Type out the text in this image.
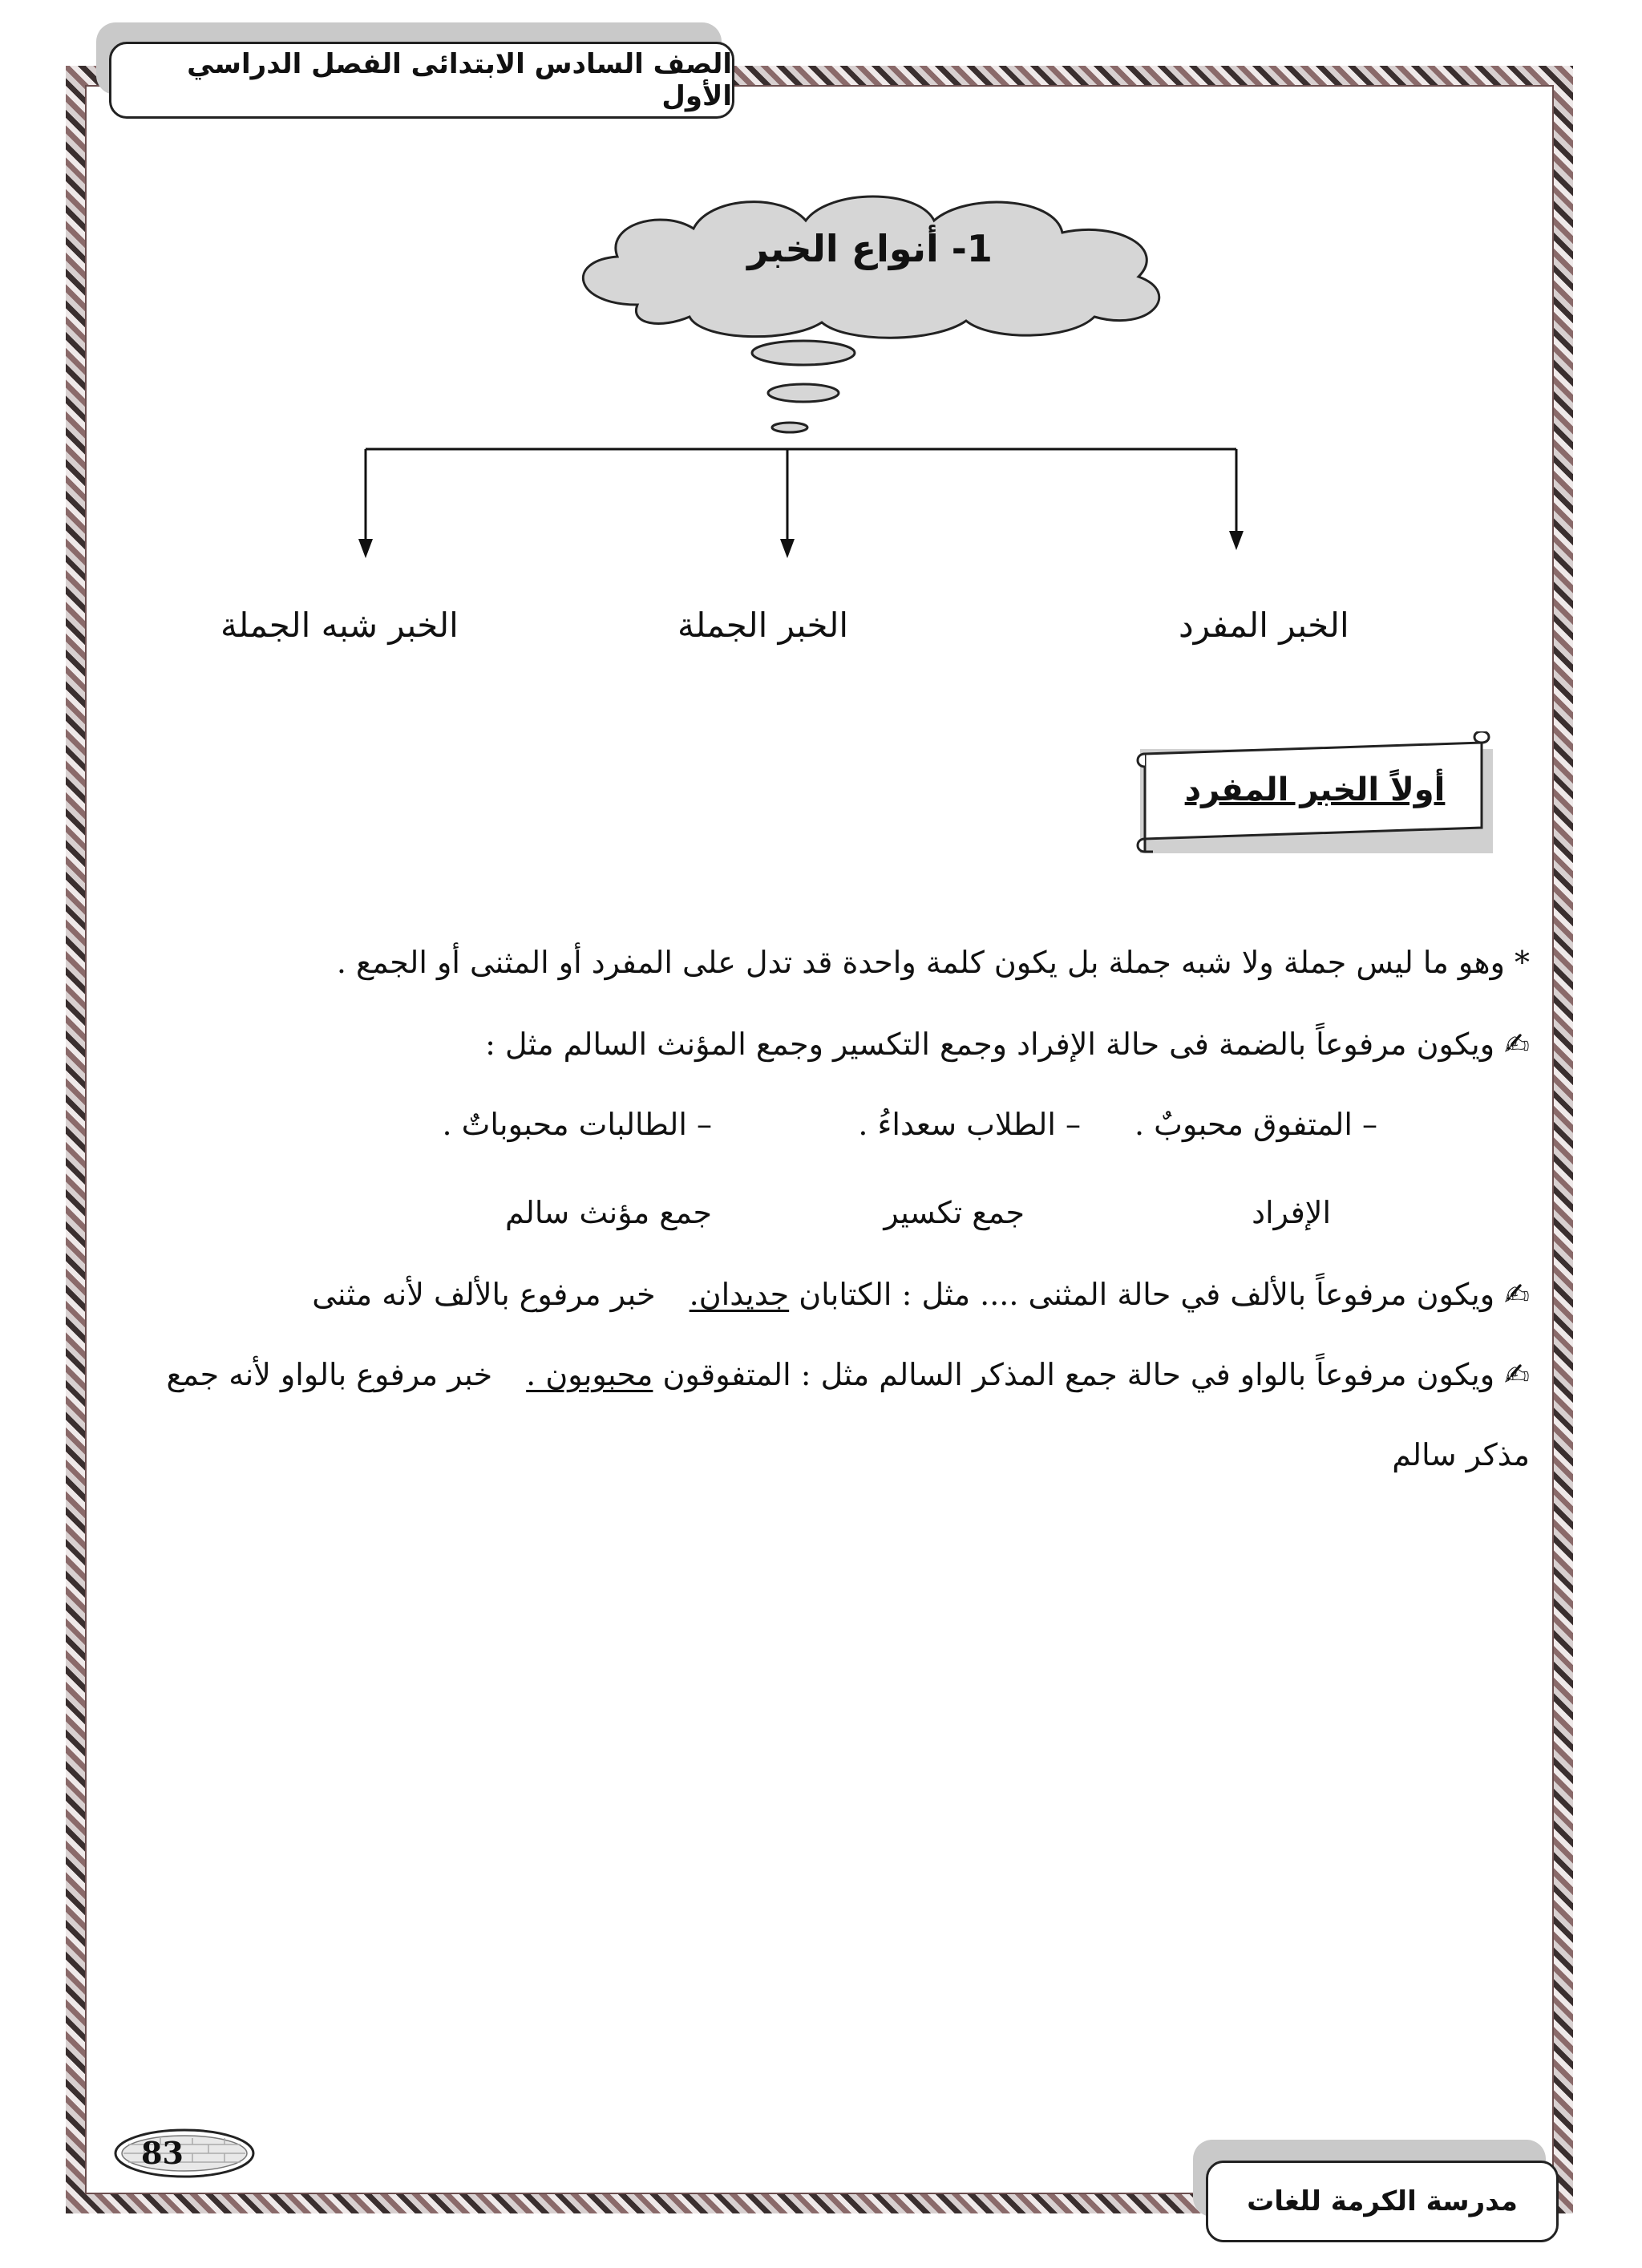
الصف السادس الابتدائى الفصل الدراسي الأول
1- أنواع الخبر
الخبر المفرد
الخبر الجملة
الخبر شبه الجملة
أولاً الخبر المفرد
* وهو ما ليس جملة ولا شبه جملة بل يكون كلمة واحدة قد تدل على المفرد أو المثنى أو الجمع .
✍ ويكون مرفوعاً بالضمة فى حالة الإفراد وجمع التكسير وجمع المؤنث السالم مثل :
– المتفوق محبوبٌ .
– الطلاب سعداءُ .
– الطالبات محبوباتٌ .
الإفراد
جمع تكسير
جمع مؤنث سالم
✍ ويكون مرفوعاً بالألف في حالة المثنى .... مثل : الكتابان جديدان. خبر مرفوع بالألف لأنه مثنى
✍ ويكون مرفوعاً بالواو في حالة جمع المذكر السالم مثل : المتفوقون محبوبون . خبر مرفوع بالواو لأنه جمع
مذكر سالم
83
مدرسة الكرمة للغات
